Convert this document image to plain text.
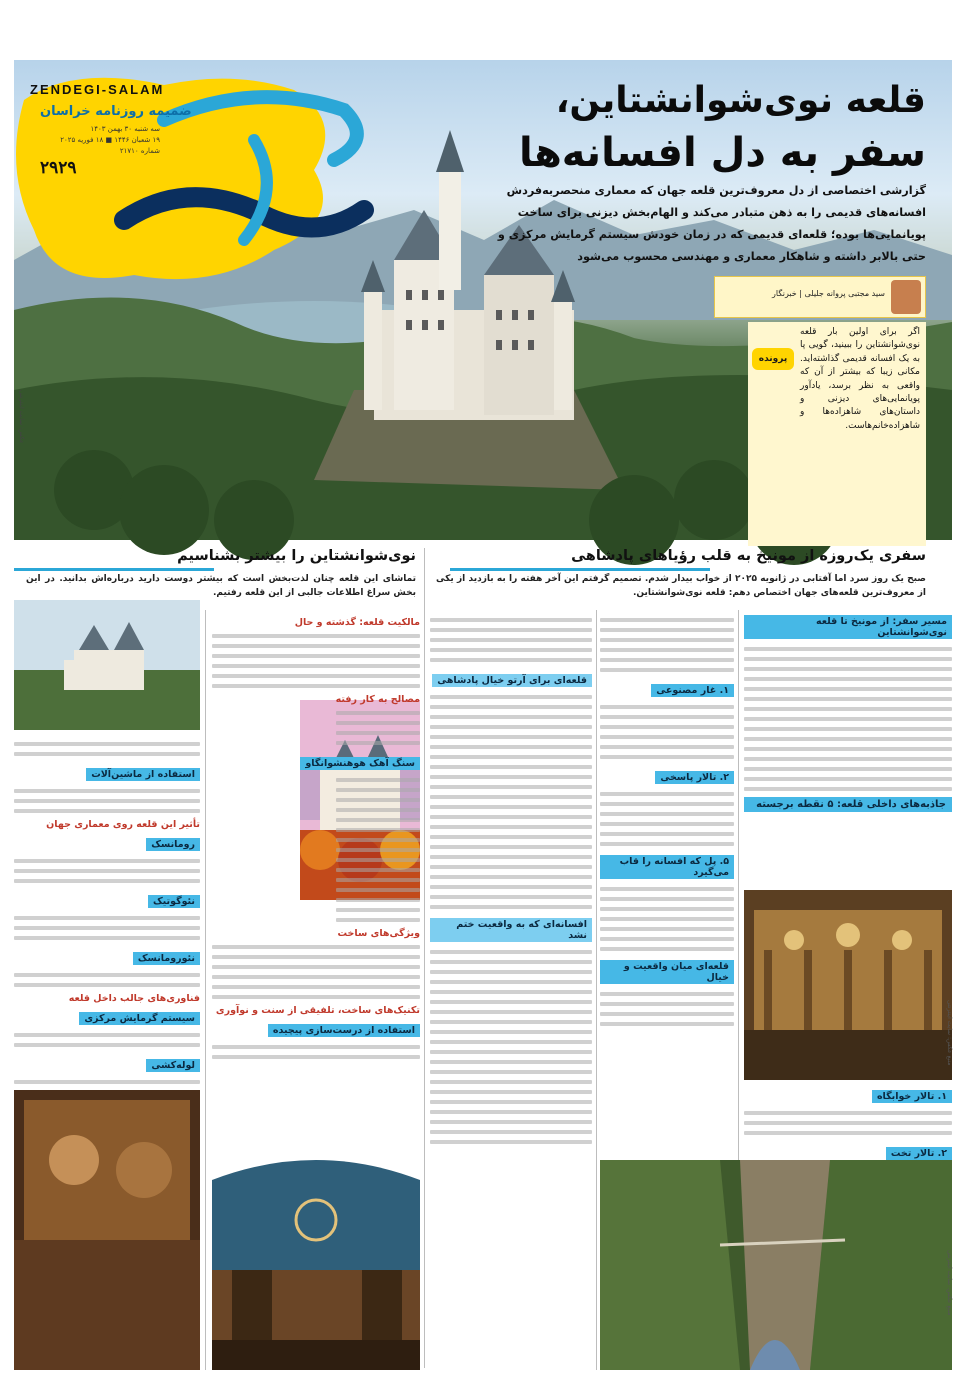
ZENDEGI-SALAM
ضمیمه روزنامه خراسان
سه شنبه ۳۰ بهمن ۱۴۰۳
۱۹ شعبان ۱۴۴۶ ■ ۱۸ فوریه ۲۰۲۵
شماره ۲۱۷۱۰
۲۹۲۹
قلعه نوی‌شوانشتاین،
سفر به دل افسانه‌ها
گزارشی اختصاصی از دل معروف‌ترین قلعه جهان که معماری منحصربه‌فردش افسانه‌های قدیمی را به ذهن متبادر می‌کند و الهام‌بخش دیزنی برای ساخت پویانمایی‌ها بوده؛ قلعه‌ای قدیمی که در زمان خودش سیستم گرمایش مرکزی و حتی بالابر داشته و شاهکار معماری و مهندسی محسوب می‌شود
سید مجتبی پروانه جلیلی | خبرنگار
پرونده
اگر برای اولین بار قلعه نوی‌شوانشتاین را ببینید، گویی پا به یک افسانه قدیمی گذاشته‌اید. مکانی زیبا که بیشتر از آن که واقعی به نظر برسد، یادآور پویانمایی‌های دیزنی و داستان‌های شاهزاده‌ها و شاهزاده‌خانم‌هاست.
عکس: سایت اینترنتی
سفری یک‌روزه از مونیخ به قلب رؤیاهای پادشاهی
صبح یک روز سرد اما آفتابی در ژانویه ۲۰۲۵ از خواب بیدار شدم. تصمیم گرفتم این آخر هفته را به بازدید از یکی از معروف‌ترین قلعه‌های جهان اختصاص دهم: قلعه نوی‌شوانشتاین.
نوی‌شوانشتاین را بیشتر بشناسیم
تماشای این قلعه چنان لذت‌بخش است که بیشتر دوست دارید درباره‌اش بدانید. در این بخش سراغ اطلاعات جالبی از این قلعه رفتیم.
مسیر سفر: از مونیخ تا قلعه نوی‌شوانشتاین
جاذبه‌های داخلی قلعه: ۵ نقطه برجسته
منبع عکس: سایت اینترنتی
۱. تالار خوابگاه
۲. تالار تخت
۱. غار مصنوعی
۲. تالار پاسخی
۵. پل‌ که افسانه را قاب می‌گیرد
قلعه‌ای میان واقعیت و خیال
منبع عکس: سایت اینترنتی
قلعه‌ای برای آرتو خیال پادشاهی
افسانه‌ای که به واقعیت ختم نشد
مالکیت قلعه: گذشته و حال
مصالح به کار رفته
سنگ آهک هوهنشوانگاو
ویژگی‌های ساخت
تکنیک‌های ساخت، تلفیقی از سنت و نوآوری
استفاده از درست‌سازی پیچیده
استفاده از ماشین‌آلات
تأثیر این قلعه روی معماری جهان
رومانسک
نئوگوتیک
نئورومانسک
فناوری‌های جالب داخل قلعه
سیستم گرمایش مرکزی
لوله‌کشی
